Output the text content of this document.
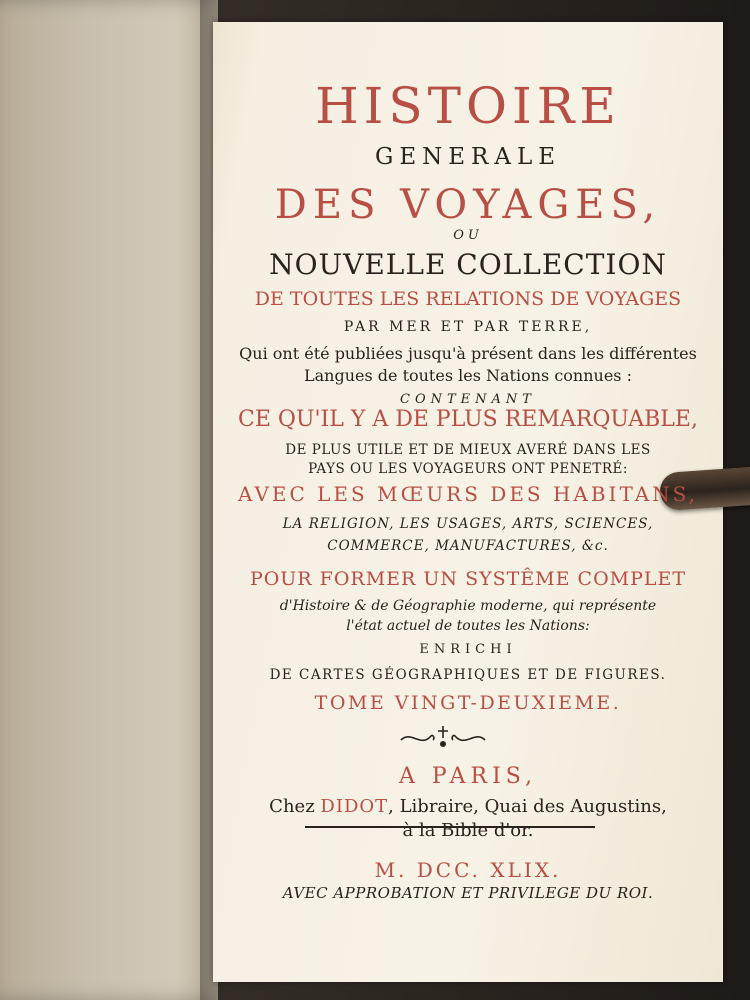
HISTOIRE
GENERALE
DES VOYAGES,
OU
NOUVELLE COLLECTION
DE TOUTES LES RELATIONS DE VOYAGES
PAR MER ET PAR TERRE,
Qui ont été publiées jusqu'à présent dans les différentes
Langues de toutes les Nations connues :
CONTENANT
CE QU'IL Y A DE PLUS REMARQUABLE,
DE PLUS UTILE ET DE MIEUX AVERÉ DANS LES
PAYS OU LES VOYAGEURS ONT PENETRÉ:
AVEC LES MŒURS DES HABITANS,
LA RELIGION, LES USAGES, ARTS, SCIENCES,
COMMERCE, MANUFACTURES, &c.
POUR FORMER UN SYSTÊME COMPLET
d'Histoire & de Géographie moderne, qui représente
l'état actuel de toutes les Nations:
ENRICHI
DE CARTES GÉOGRAPHIQUES ET DE FIGURES.
TOME VINGT-DEUXIEME.
A PARIS,
Chez DIDOT, Libraire, Quai des Augustins,
à la Bible d'or.
M. DCC. XLIX.
AVEC APPROBATION ET PRIVILEGE DU ROI.
